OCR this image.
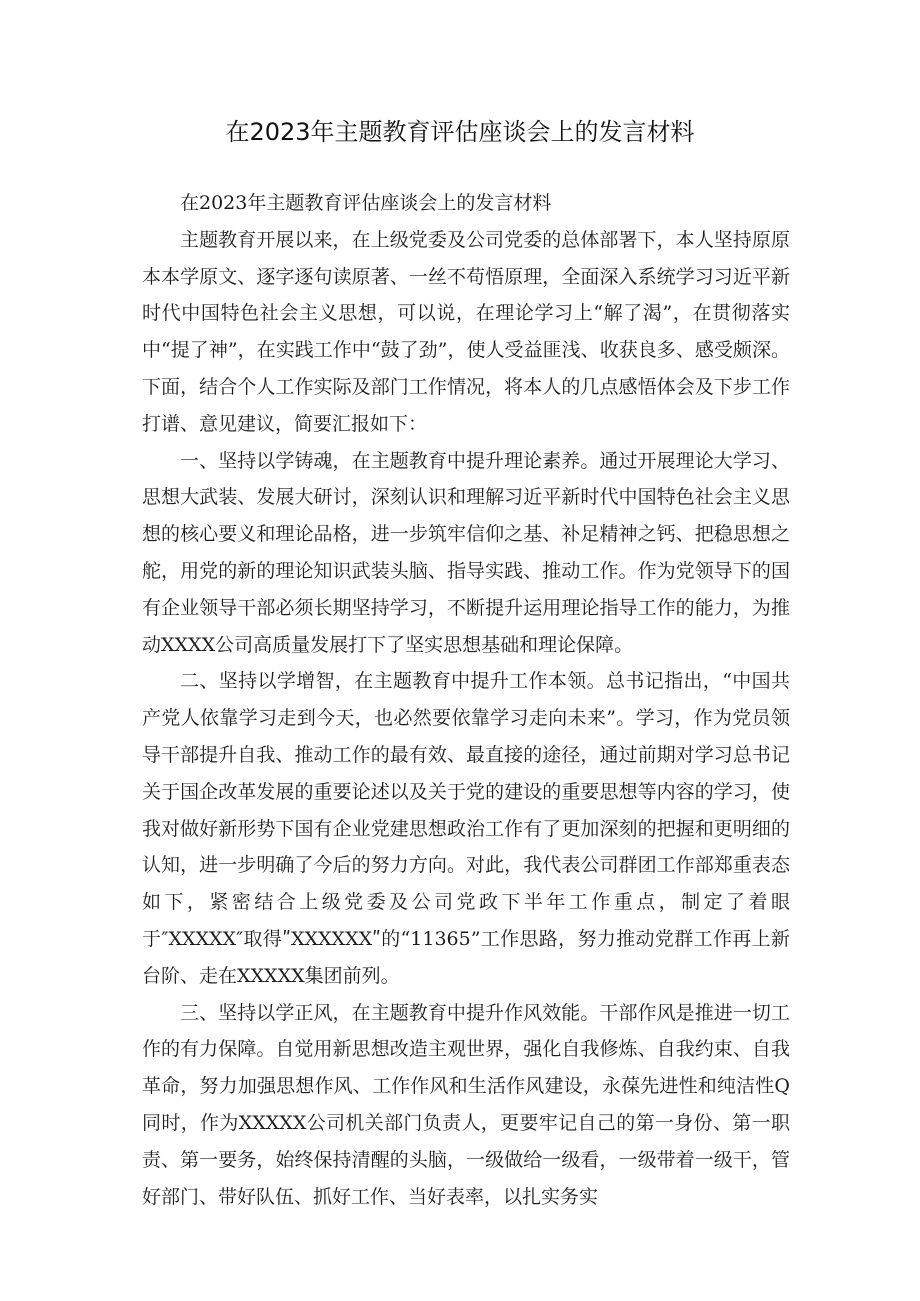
在2023年主题教育评估座谈会上的发言材料

在2023年主题教育评估座谈会上的发言材料

主题教育开展以来，在上级党委及公司党委的总体部署下，本人坚持原原本本学原文、逐字逐句读原著、一丝不苟悟原理，全面深入系统学习习近平新时代中国特色社会主义思想，可以说，在理论学习上“解了渴”，在贯彻落实中“提了神”，在实践工作中“鼓了劲”，使人受益匪浅、收获良多、感受颇深。下面，结合个人工作实际及部门工作情况，将本人的几点感悟体会及下步工作打谱、意见建议，简要汇报如下：

一、坚持以学铸魂，在主题教育中提升理论素养。通过开展理论大学习、思想大武装、发展大研讨，深刻认识和理解习近平新时代中国特色社会主义思想的核心要义和理论品格，进一步筑牢信仰之基、补足精神之钙、把稳思想之舵，用党的新的理论知识武装头脑、指导实践、推动工作。作为党领导下的国有企业领导干部必须长期坚持学习，不断提升运用理论指导工作的能力，为推动XXXX公司高质量发展打下了坚实思想基础和理论保障。

二、坚持以学增智，在主题教育中提升工作本领。总书记指出，“中国共产党人依靠学习走到今天，也必然要依靠学习走向未来”。学习，作为党员领导干部提升自我、推动工作的最有效、最直接的途径，通过前期对学习总书记关于国企改革发展的重要论述以及关于党的建设的重要思想等内容的学习，使我对做好新形势下国有企业党建思想政治工作有了更加深刻的把握和更明细的认知，进一步明确了今后的努力方向。对此，我代表公司群团工作部郑重表态如下，紧密结合上级党委及公司党政下半年工作重点，制定了着眼于″XXXXX″取得ʺXXXXXXʺ的“11365”工作思路，努力推动党群工作再上新台阶、走在XXXXX集团前列。

三、坚持以学正风，在主题教育中提升作风效能。干部作风是推进一切工作的有力保障。自觉用新思想改造主观世界，强化自我修炼、自我约束、自我革命，努力加强思想作风、工作作风和生活作风建设，永葆先进性和纯洁性Q同时，作为XXXXX公司机关部门负责人，更要牢记自己的第一身份、第一职责、第一要务，始终保持清醒的头脑，一级做给一级看，一级带着一级干，管好部门、带好队伍、抓好工作、当好表率，以扎实务实
